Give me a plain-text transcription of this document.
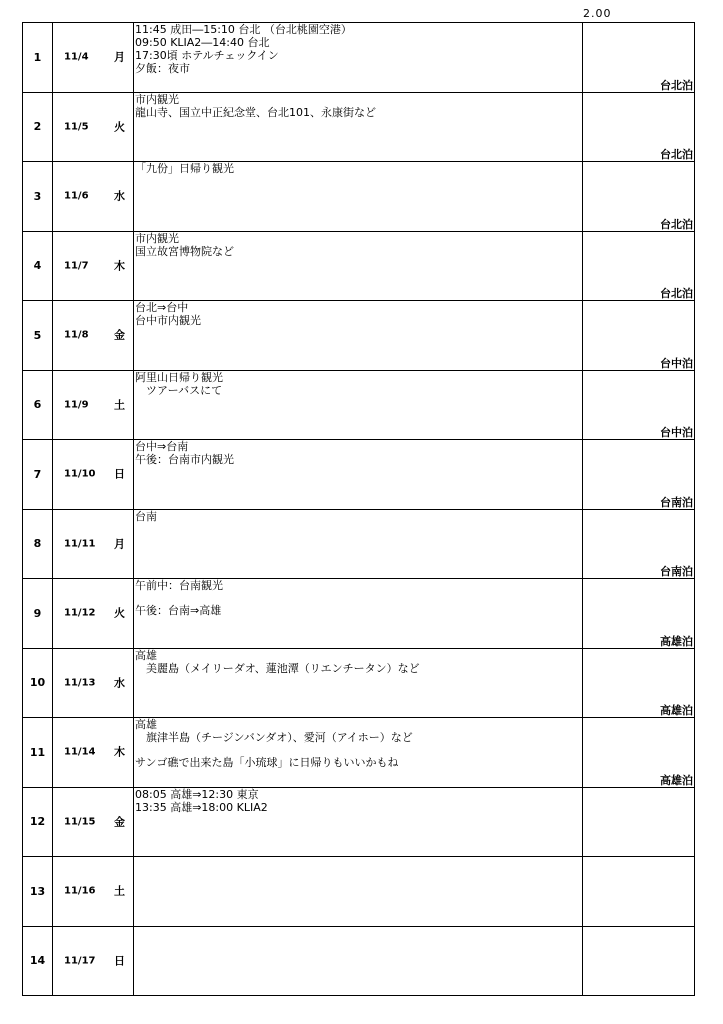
2.00
1	11/4 月	11:45 成田―15:10 台北 （台北桃園空港）
09:50 KLIA2―14:40 台北
17:30頃 ホテルチェックイン
夕飯：夜市	台北泊

2	11/5 火	市内観光
龍山寺、国立中正紀念堂、台北101、永康街など	台北泊

3	11/6 水	「九份」日帰り観光	台北泊

4	11/7 木	市内観光
国立故宮博物院など	台北泊

5	11/8 金	台北⇒台中
台中市内観光	台中泊

6	11/9 土	阿里山日帰り観光
　ツアーバスにて	台中泊

7	11/10 日	台中⇒台南
午後：台南市内観光	台南泊

8	11/11 月	台南	台南泊

9	11/12 火	午前中：台南観光
午後：台南⇒高雄	高雄泊

10	11/13 水	高雄
　美麗島（メイリーダオ、蓮池潭（リエンチータン）など	高雄泊

11	11/14 木	高雄
　旗津半島（チージンバンダオ）、愛河（アイホー）など
サンゴ礁で出来た島「小琉球」に日帰りもいいかもね	高雄泊

12	11/15 金	08:05 高雄⇒12:30 東京
13:35 高雄⇒18:00 KLIA2	

13	11/16 土		

14	11/17 日		
